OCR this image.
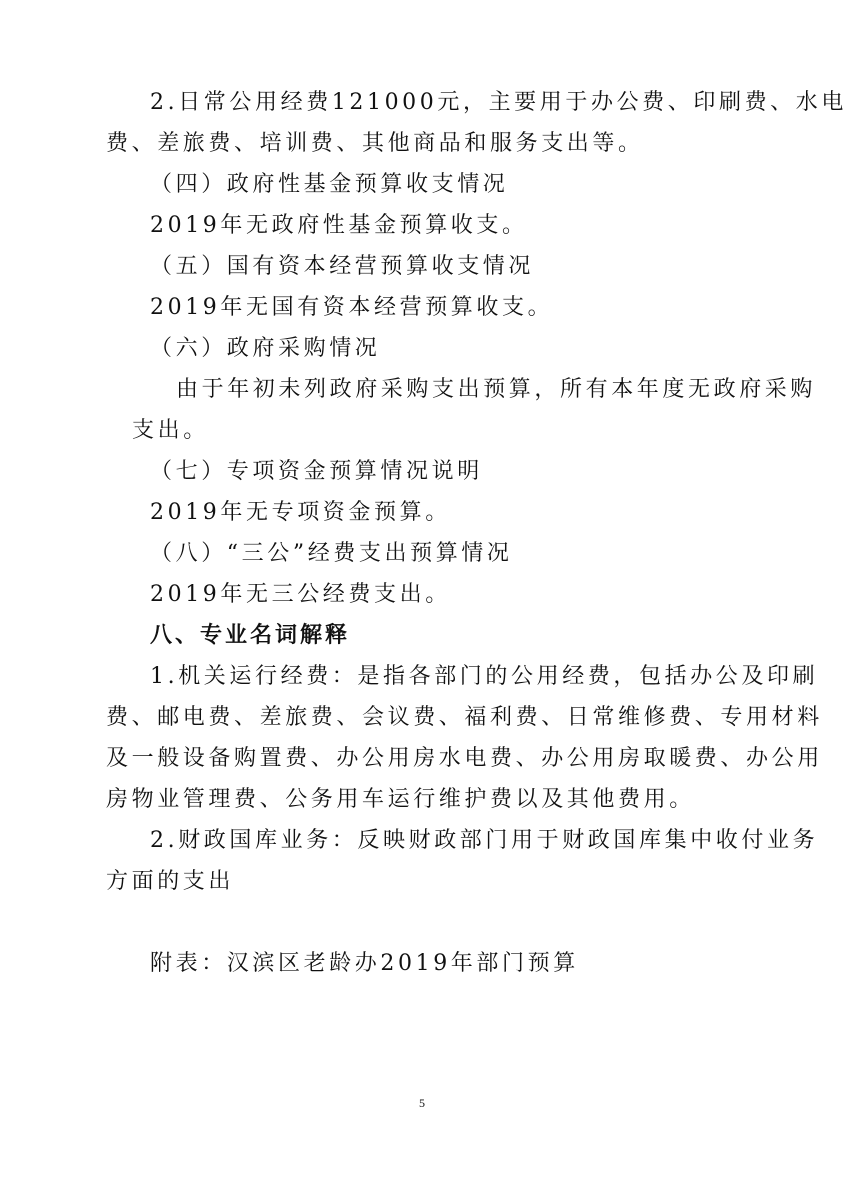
2.日常公用经费121000元，主要用于办公费、印刷费、水电
费、差旅费、培训费、其他商品和服务支出等。
（四）政府性基金预算收支情况
2019年无政府性基金预算收支。
（五）国有资本经营预算收支情况
2019年无国有资本经营预算收支。
（六）政府采购情况
由于年初未列政府采购支出预算，所有本年度无政府采购
支出。
（七）专项资金预算情况说明
2019年无专项资金预算。
（八）“三公”经费支出预算情况
2019年无三公经费支出。
八、专业名词解释
1.机关运行经费：是指各部门的公用经费，包括办公及印刷
费、邮电费、差旅费、会议费、福利费、日常维修费、专用材料
及一般设备购置费、办公用房水电费、办公用房取暖费、办公用
房物业管理费、公务用车运行维护费以及其他费用。
2.财政国库业务：反映财政部门用于财政国库集中收付业务
方面的支出
附表：汉滨区老龄办2019年部门预算
5
